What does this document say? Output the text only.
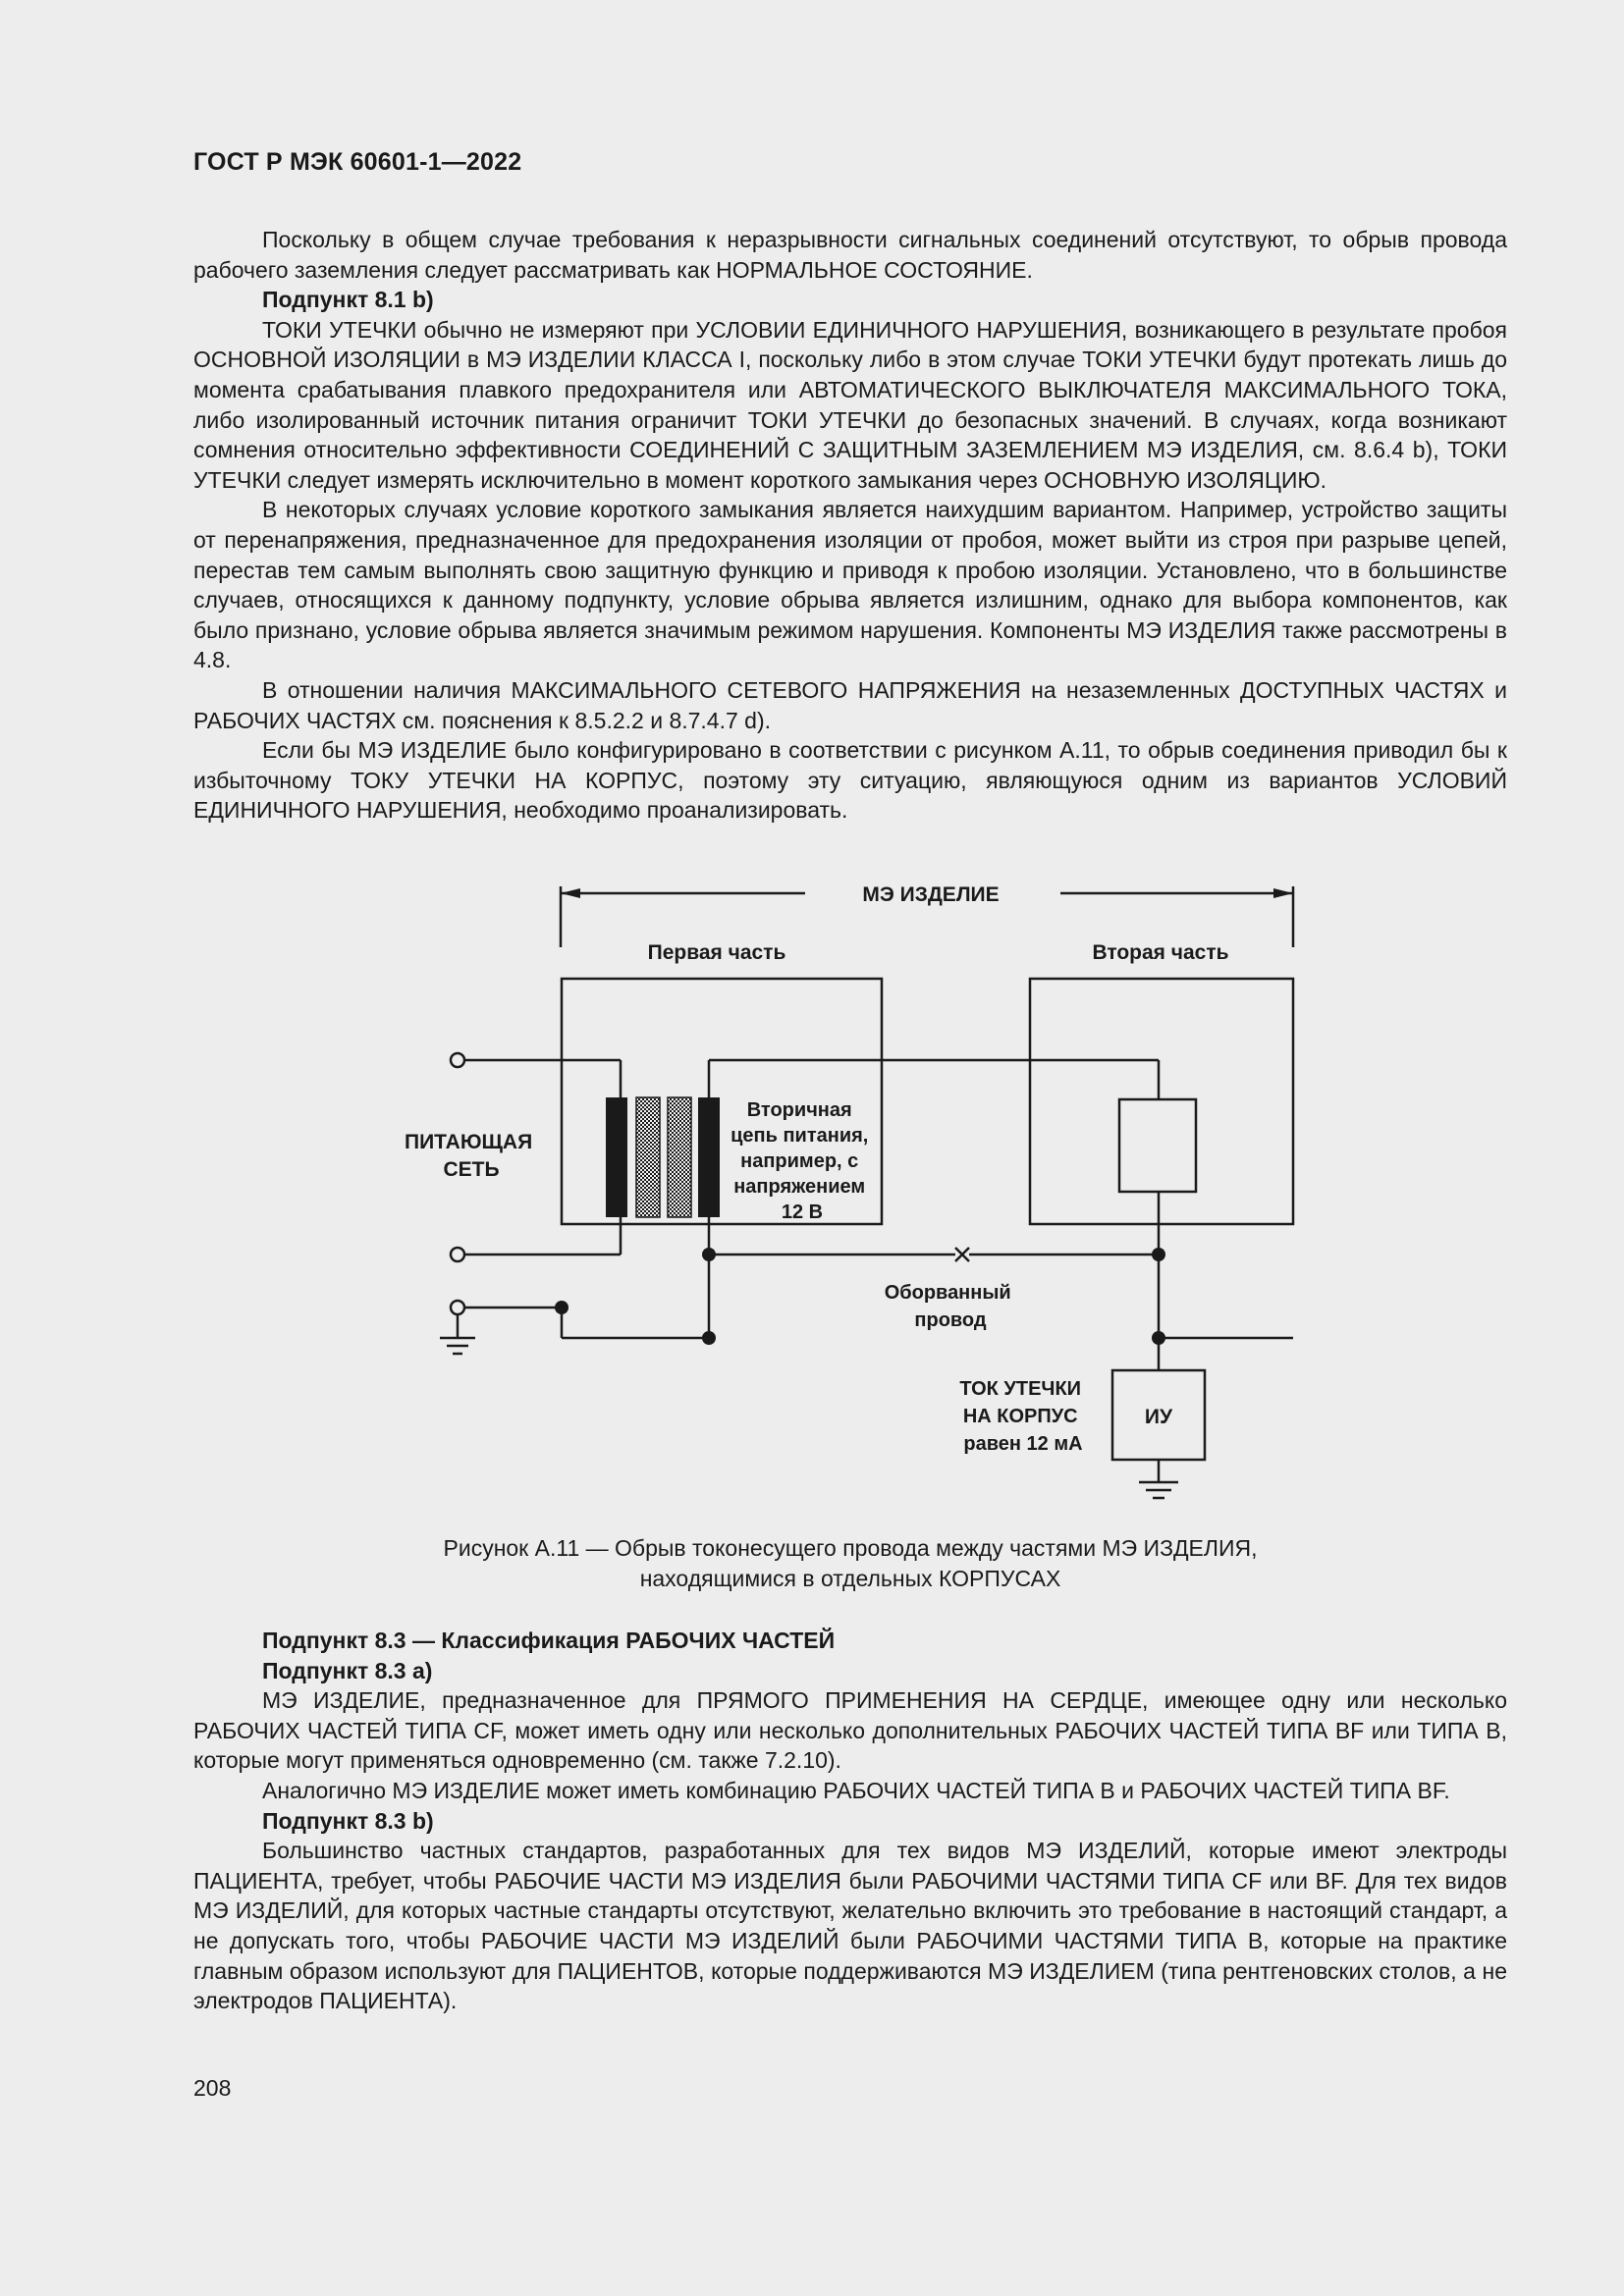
ГОСТ Р МЭК 60601-1—2022

Поскольку в общем случае требования к неразрывности сигнальных соединений отсутствуют, то обрыв провода рабочего заземления следует рассматривать как НОРМАЛЬНОЕ СОСТОЯНИЕ.

Подпункт 8.1 b)

ТОКИ УТЕЧКИ обычно не измеряют при УСЛОВИИ ЕДИНИЧНОГО НАРУШЕНИЯ, возникающего в результате пробоя ОСНОВНОЙ ИЗОЛЯЦИИ в МЭ ИЗДЕЛИИ КЛАССА I, поскольку либо в этом случае ТОКИ УТЕЧКИ будут протекать лишь до момента срабатывания плавкого предохранителя или АВТОМАТИЧЕСКОГО ВЫКЛЮЧАТЕЛЯ МАКСИМАЛЬНОГО ТОКА, либо изолированный источник питания ограничит ТОКИ УТЕЧКИ до безопасных значений. В случаях, когда возникают сомнения относительно эффективности СОЕДИНЕНИЙ С ЗАЩИТНЫМ ЗАЗЕМЛЕНИЕМ МЭ ИЗДЕЛИЯ, см. 8.6.4 b), ТОКИ УТЕЧКИ следует измерять исключительно в момент короткого замыкания через ОСНОВНУЮ ИЗОЛЯЦИЮ.

В некоторых случаях условие короткого замыкания является наихудшим вариантом. Например, устройство защиты от перенапряжения, предназначенное для предохранения изоляции от пробоя, может выйти из строя при разрыве цепей, перестав тем самым выполнять свою защитную функцию и приводя к пробою изоляции. Установлено, что в большинстве случаев, относящихся к данному подпункту, условие обрыва является излишним, однако для выбора компонентов, как было признано, условие обрыва является значимым режимом нарушения. Компоненты МЭ ИЗДЕЛИЯ также рассмотрены в 4.8.

В отношении наличия МАКСИМАЛЬНОГО СЕТЕВОГО НАПРЯЖЕНИЯ на незаземленных ДОСТУПНЫХ ЧАСТЯХ и РАБОЧИХ ЧАСТЯХ см. пояснения к 8.5.2.2 и 8.7.4.7 d).

Если бы МЭ ИЗДЕЛИЕ было конфигурировано в соответствии с рисунком А.11, то обрыв соединения приводил бы к избыточному ТОКУ УТЕЧКИ НА КОРПУС, поэтому эту ситуацию, являющуюся одним из вариантов УСЛОВИЙ ЕДИНИЧНОГО НАРУШЕНИЯ, необходимо проанализировать.

МЭ ИЗДЕЛИЕ
Первая часть	Вторая часть
ПИТАЮЩАЯ СЕТЬ
Вторичная цепь питания, например, с напряжением 12 В
Оборванный провод
ТОК УТЕЧКИ НА КОРПУС равен 12 мА
ИУ
Рисунок А.11 — Обрыв токонесущего провода между частями МЭ ИЗДЕЛИЯ,
находящимися в отдельных КОРПУСАХ

Подпункт 8.3 — Классификация РАБОЧИХ ЧАСТЕЙ

Подпункт 8.3 a)

МЭ ИЗДЕЛИЕ, предназначенное для ПРЯМОГО ПРИМЕНЕНИЯ НА СЕРДЦЕ, имеющее одну или несколько РАБОЧИХ ЧАСТЕЙ ТИПА CF, может иметь одну или несколько дополнительных РАБОЧИХ ЧАСТЕЙ ТИПА BF или ТИПА B, которые могут применяться одновременно (см. также 7.2.10).

Аналогично МЭ ИЗДЕЛИЕ может иметь комбинацию РАБОЧИХ ЧАСТЕЙ ТИПА B и РАБОЧИХ ЧАСТЕЙ ТИПА BF.

Подпункт 8.3 b)

Большинство частных стандартов, разработанных для тех видов МЭ ИЗДЕЛИЙ, которые имеют электроды ПАЦИЕНТА, требует, чтобы РАБОЧИЕ ЧАСТИ МЭ ИЗДЕЛИЯ были РАБОЧИМИ ЧАСТЯМИ ТИПА CF или BF. Для тех видов МЭ ИЗДЕЛИЙ, для которых частные стандарты отсутствуют, желательно включить это требование в настоящий стандарт, а не допускать того, чтобы РАБОЧИЕ ЧАСТИ МЭ ИЗДЕЛИЙ были РАБОЧИМИ ЧАСТЯМИ ТИПА B, которые на практике главным образом используют для ПАЦИЕНТОВ, которые поддерживаются МЭ ИЗДЕЛИЕМ (типа рентгеновских столов, а не электродов ПАЦИЕНТА).

208
